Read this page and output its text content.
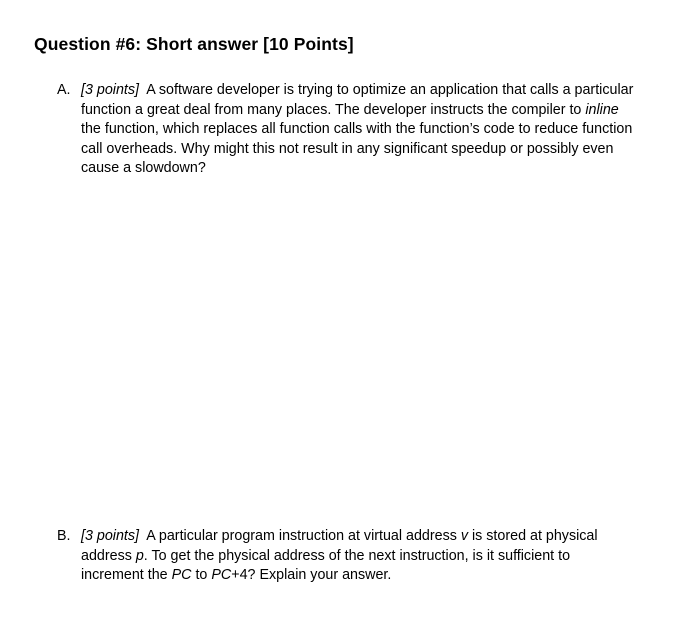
Question #6: Short answer [10 Points]
A. [3 points] A software developer is trying to optimize an application that calls a particular
function a great deal from many places. The developer instructs the compiler to inline
the function, which replaces all function calls with the function’s code to reduce function
call overheads. Why might this not result in any significant speedup or possibly even
cause a slowdown?
B. [3 points] A particular program instruction at virtual address v is stored at physical
address p. To get the physical address of the next instruction, is it sufficient to
increment the PC to PC+4? Explain your answer.
